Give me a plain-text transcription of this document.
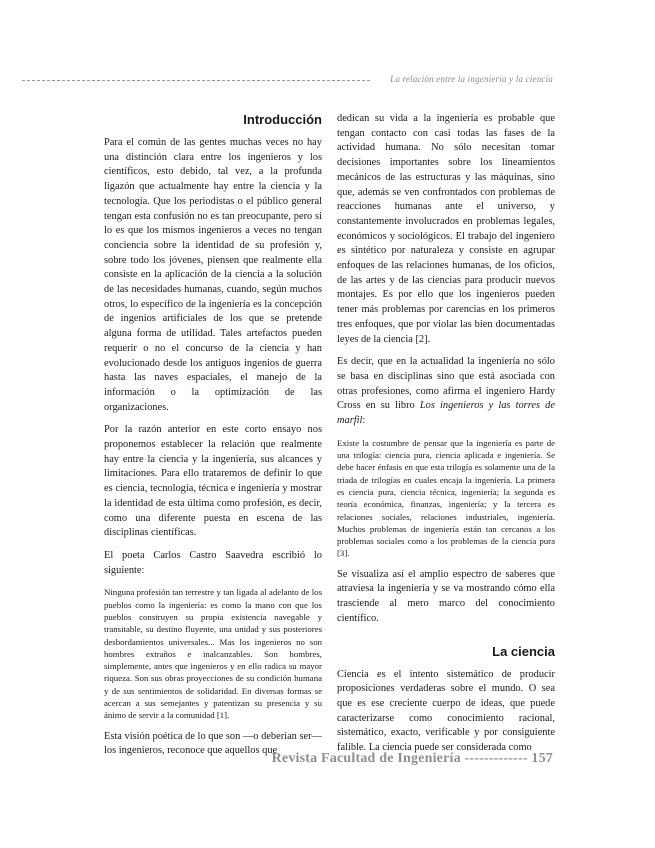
La relación entre la ingeniería y la ciencia
Introducción

Para el común de las gentes muchas veces no hay una distinción clara entre los ingenieros y los científicos, esto debido, tal vez, a la profunda ligazón que actualmente hay entre la ciencia y la tecnología. Que los periodistas o el público general tengan esta confusión no es tan preocupante, pero si lo es que los mismos ingenieros a veces no tengan conciencia sobre la identidad de su profesión y, sobre todo los jóvenes, piensen que realmente ella consiste en la aplicación de la ciencia a la solución de las necesidades humanas, cuando, según muchos otros, lo específico de la ingeniería es la concepción de ingenios artificiales de los que se pretende alguna forma de utilidad. Tales artefactos pueden requerir o no el concurso de la ciencia y han evolucionado desde los antiguos ingenios de guerra hasta las naves espaciales, el manejo de la información o la optimización de las organizaciones.

Por la razón anterior en este corto ensayo nos proponemos establecer la relación que realmente hay entre la ciencia y la ingeniería, sus alcances y limitaciones. Para ello trataremos de definir lo que es ciencia, tecnología, técnica e ingeniería y mostrar la identidad de esta última como profesión, es decir, como una diferente puesta en escena de las disciplinas científicas.

El poeta Carlos Castro Saavedra escribió lo siguiente:

Ninguna profesión tan terrestre y tan ligada al adelanto de los pueblos como la ingeniería: es como la mano con que los pueblos construyen su propia existencia navegable y transitable, su destino fluyente, una unidad y sus posteriores desbordamientos universales... Mas los ingenieros no son hombres extraños e inalcanzables. Son hombres, simplemente, antes que ingenieros y en ello radica su mayor riqueza. Son sus obras proyecciones de su condición humana y de sus sentimientos de solidaridad. En diversas formas se acercan a sus semejantes y patentizan su presencia y su ánimo de servir a la comunidad [1].

Esta visión poética de lo que son —o deberían ser— los ingenieros, reconoce que aquellos que

dedican su vida a la ingeniería es probable que tengan contacto con casi todas las fases de la actividad humana. No sólo necesitan tomar decisiones importantes sobre los lineamientos mecánicos de las estructuras y las máquinas, sino que, además se ven confrontados con problemas de reacciones humanas ante el universo, y constantemente involucrados en problemas legales, económicos y sociológicos. El trabajo del ingeniero es sintético por naturaleza y consiste en agrupar enfoques de las relaciones humanas, de los oficios, de las artes y de las ciencias para producir nuevos montajes. Es por ello que los ingenieros pueden tener más problemas por carencias en los primeros tres enfoques, que por violar las bien documentadas leyes de la ciencia [2].

Es decir, que en la actualidad la ingeniería no sólo se basa en disciplinas sino que está asociada con otras profesiones, como afirma el ingeniero Hardy Cross en su libro Los ingenieros y las torres de marfil:

Existe la costumbre de pensar que la ingeniería es parte de una trilogía: ciencia pura, ciencia aplicada e ingeniería. Se debe hacer énfasis en que esta trilogía es solamente una de la triada de trilogías en cuales encaja la ingeniería. La primera es ciencia pura, ciencia técnica, ingeniería; la segunda es teoría económica, finanzas, ingeniería; y la tercera es relaciones sociales, relaciones industriales, ingeniería. Muchos problemas de ingeniería están tan cercanos a los problemas sociales como a los problemas de la ciencia pura [3].

Se visualiza así el amplio espectro de saberes que atraviesa la ingeniería y se va mostrando cómo ella trasciende al mero marco del conocimiento científico.

La ciencia

Ciencia es el intento sistemático de producir proposiciones verdaderas sobre el mundo. O sea que es ese creciente cuerpo de ideas, que puede caracterizarse como conocimiento racional, sistemático, exacto, verificable y por consiguiente falible. La ciencia puede ser considerada como

Revista Facultad de Ingeniería ------------- 157
